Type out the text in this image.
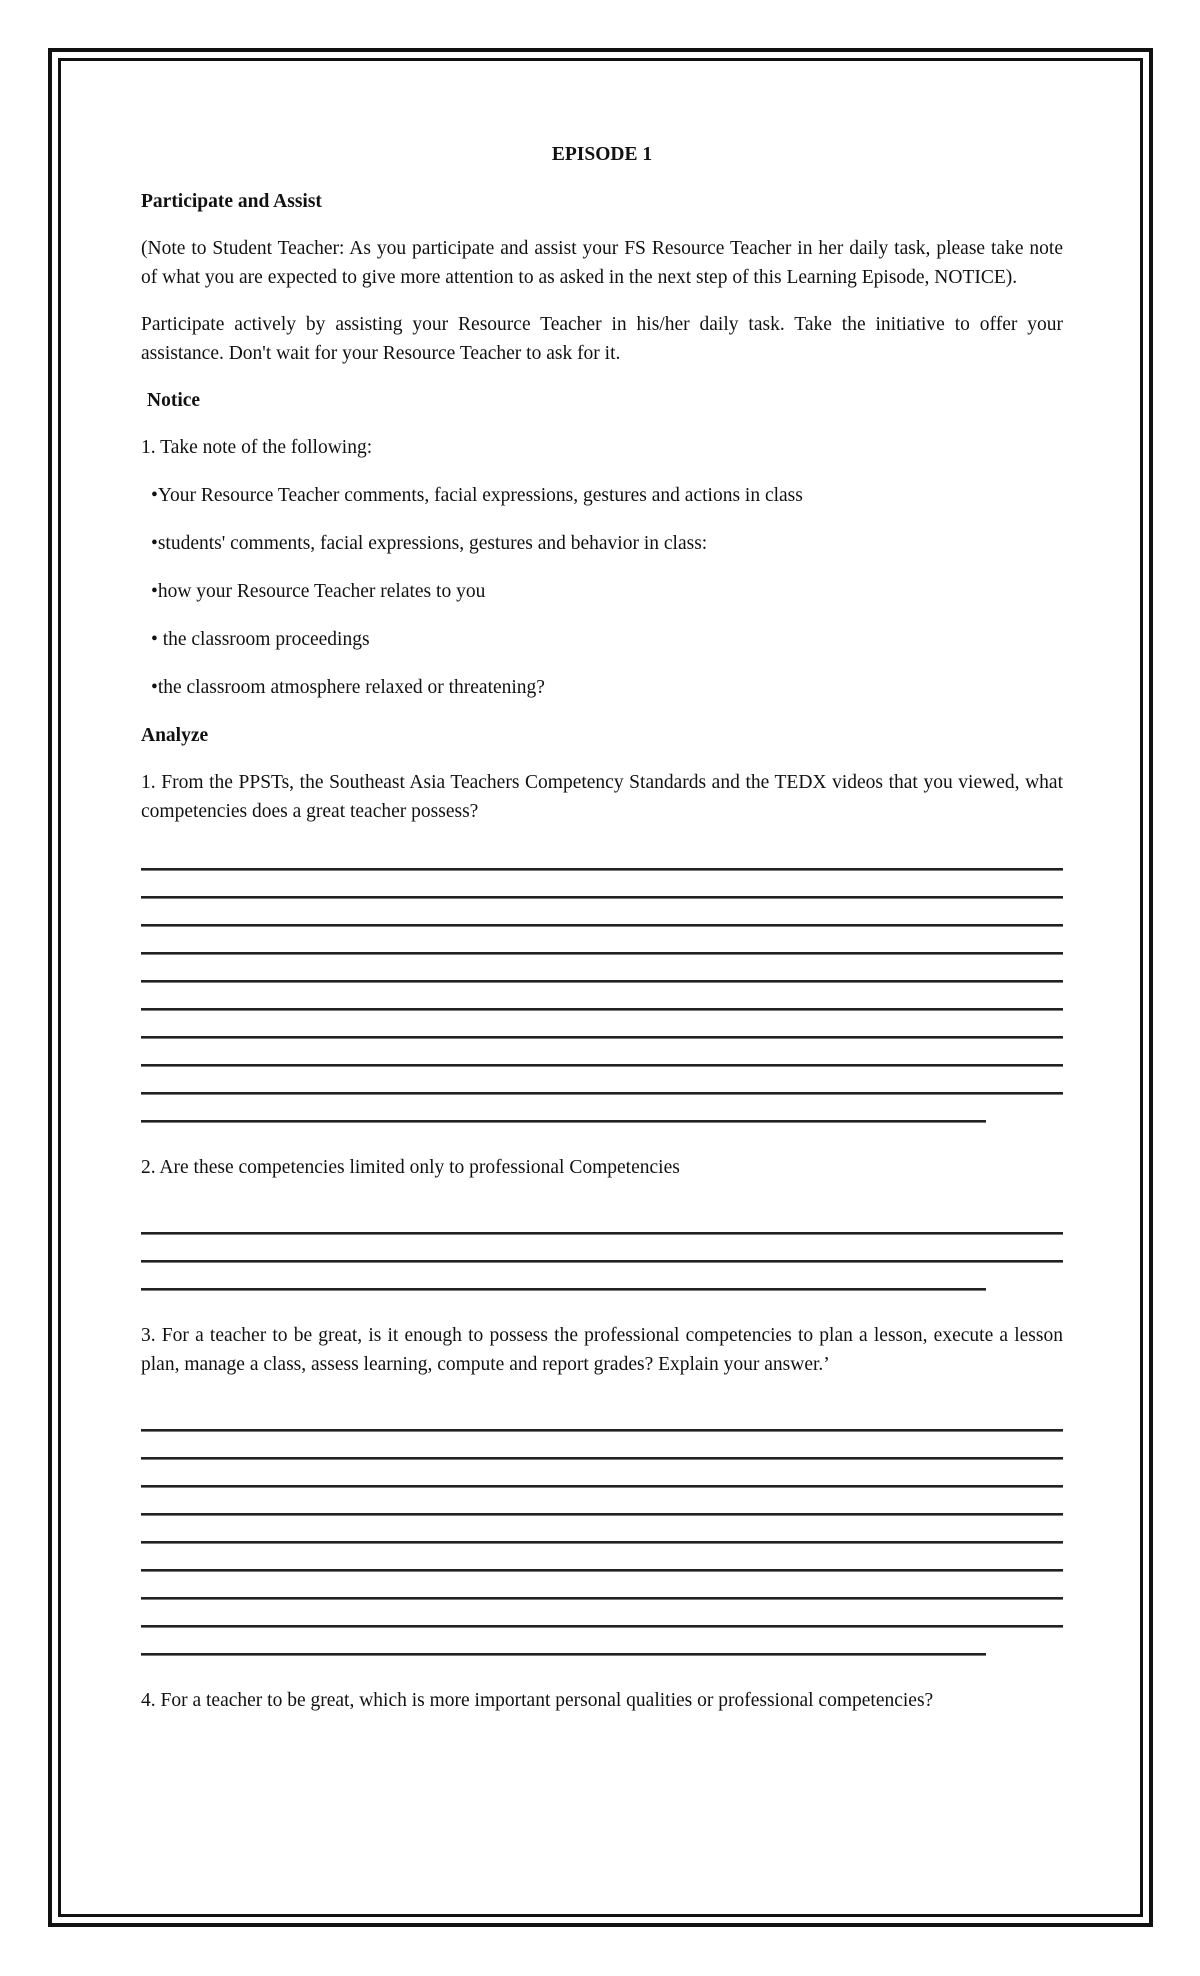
EPISODE 1

Participate and Assist

(Note to Student Teacher: As you participate and assist your FS Resource Teacher in her daily task, please take note of what you are expected to give more attention to as asked in the next step of this Learning Episode, NOTICE).

Participate actively by assisting your Resource Teacher in his/her daily task. Take the initiative to offer your assistance. Don't wait for your Resource Teacher to ask for it.

Notice

1. Take note of the following:

•Your Resource Teacher comments, facial expressions, gestures and actions in class

•students' comments, facial expressions, gestures and behavior in class:

•how your Resource Teacher relates to you

• the classroom proceedings

•the classroom atmosphere relaxed or threatening?

Analyze

1. From the PPSTs, the Southeast Asia Teachers Competency Standards and the TEDX videos that you viewed, what competencies does a great teacher possess?

2. Are these competencies limited only to professional Competencies

3. For a teacher to be great, is it enough to possess the professional competencies to plan a lesson, execute a lesson plan, manage a class, assess learning, compute and report grades? Explain your answer.’

4. For a teacher to be great, which is more important personal qualities or professional competencies?
